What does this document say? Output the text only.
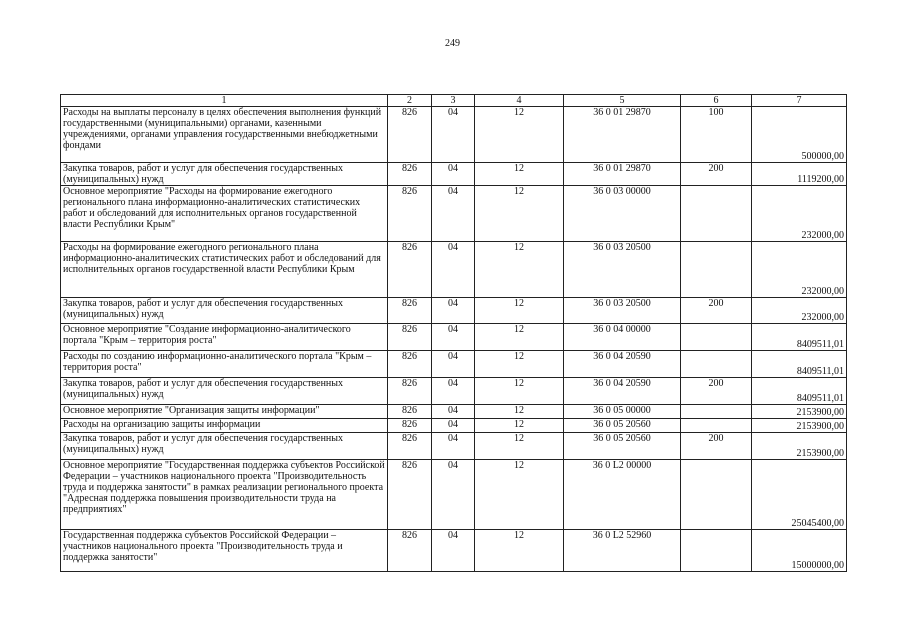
249
1	2	3	4	5	6	7
Расходы на выплаты персоналу в целях обеспечения выполнения функций государственными (муниципальными) органами, казенными учреждениями, органами управления государственными внебюджетными фондами	826	04	12	36 0 01 29870	100	500000,00
Закупка товаров, работ и услуг для обеспечения государственных (муниципальных) нужд	826	04	12	36 0 01 29870	200	1119200,00
Основное мероприятие "Расходы на формирование ежегодного регионального плана информационно-аналитических статистических работ и обследований для исполнительных органов государственной власти Республики Крым"	826	04	12	36 0 03 00000		232000,00
Расходы на формирование ежегодного регионального плана информационно-аналитических статистических работ и обследований для исполнительных органов государственной власти Республики Крым	826	04	12	36 0 03 20500		232000,00
Закупка товаров, работ и услуг для обеспечения государственных (муниципальных) нужд	826	04	12	36 0 03 20500	200	232000,00
Основное мероприятие "Создание информационно-аналитического портала "Крым – территория роста"	826	04	12	36 0 04 00000		8409511,01
Расходы по созданию информационно-аналитического портала "Крым – территория роста"	826	04	12	36 0 04 20590		8409511,01
Закупка товаров, работ и услуг для обеспечения государственных (муниципальных) нужд	826	04	12	36 0 04 20590	200	8409511,01
Основное мероприятие "Организация защиты информации"	826	04	12	36 0 05 00000		2153900,00
Расходы на организацию защиты информации	826	04	12	36 0 05 20560		2153900,00
Закупка товаров, работ и услуг для обеспечения государственных (муниципальных) нужд	826	04	12	36 0 05 20560	200	2153900,00
Основное мероприятие "Государственная поддержка субъектов Российской Федерации – участников национального проекта "Производительность труда и поддержка занятости" в рамках реализации регионального проекта "Адресная поддержка повышения производительности труда на предприятиях"	826	04	12	36 0 L2 00000		25045400,00
Государственная поддержка субъектов Российской Федерации – участников национального проекта "Производительность труда и поддержка занятости"	826	04	12	36 0 L2 52960		15000000,00
